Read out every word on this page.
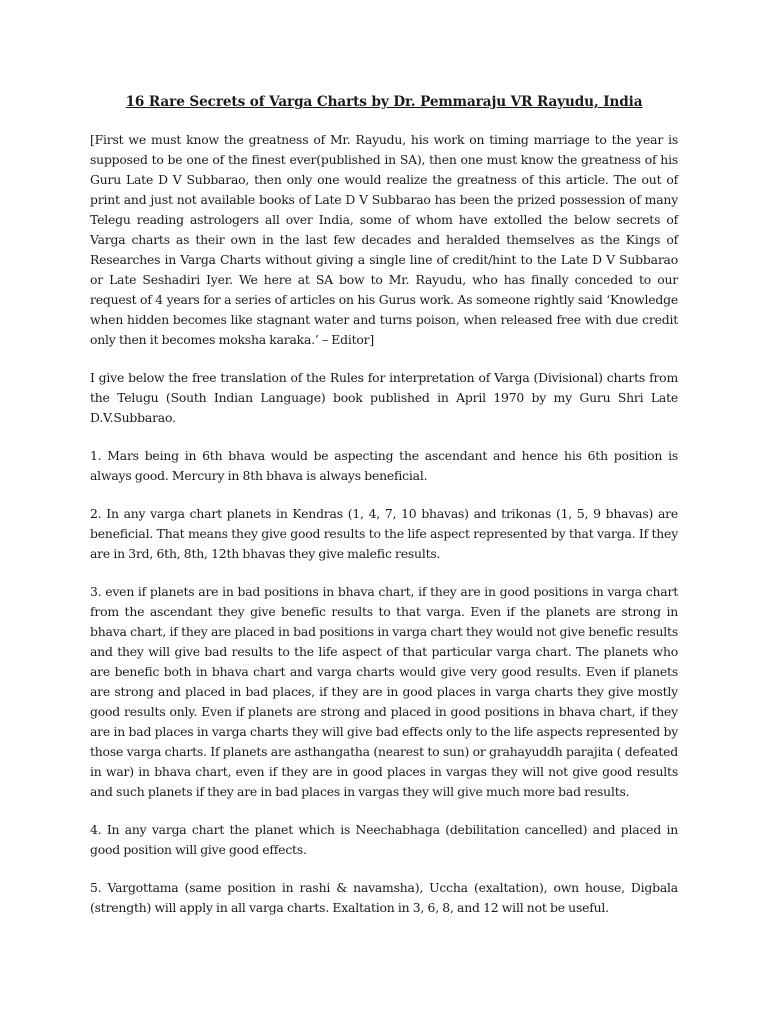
16 Rare Secrets of Varga Charts by Dr. Pemmaraju VR Rayudu, India

[First we must know the greatness of Mr. Rayudu, his work on timing marriage to the year is supposed to be one of the finest ever(published in SA), then one must know the greatness of his Guru Late D V Subbarao, then only one would realize the greatness of this article. The out of print and just not available books of Late D V Subbarao has been the prized possession of many Telegu reading astrologers all over India, some of whom have extolled the below secrets of Varga charts as their own in the last few decades and heralded themselves as the Kings of Researches in Varga Charts without giving a single line of credit/hint to the Late D V Subbarao or Late Seshadiri Iyer. We here at SA bow to Mr. Rayudu, who has finally conceded to our request of 4 years for a series of articles on his Gurus work. As someone rightly said ‘Knowledge when hidden becomes like stagnant water and turns poison, when released free with due credit only then it becomes moksha karaka.’ – Editor]

I give below the free translation of the Rules for interpretation of Varga (Divisional) charts from the Telugu (South Indian Language) book published in April 1970 by my Guru Shri Late D.V.Subbarao.

1. Mars being in 6th bhava would be aspecting the ascendant and hence his 6th position is always good. Mercury in 8th bhava is always beneficial.

2. In any varga chart planets in Kendras (1, 4, 7, 10 bhavas) and trikonas (1, 5, 9 bhavas) are beneficial. That means they give good results to the life aspect represented by that varga. If they are in 3rd, 6th, 8th, 12th bhavas they give malefic results.

3. even if planets are in bad positions in bhava chart, if they are in good positions in varga chart from the ascendant they give benefic results to that varga. Even if the planets are strong in bhava chart, if they are placed in bad positions in varga chart they would not give benefic results and they will give bad results to the life aspect of that particular varga chart. The planets who are benefic both in bhava chart and varga charts would give very good results. Even if planets are strong and placed in bad places, if they are in good places in varga charts they give mostly good results only. Even if planets are strong and placed in good positions in bhava chart, if they are in bad places in varga charts they will give bad effects only to the life aspects represented by those varga charts. If planets are asthangatha (nearest to sun) or grahayuddh parajita ( defeated in war) in bhava chart, even if they are in good places in vargas they will not give good results and such planets if they are in bad places in vargas they will give much more bad results.

4. In any varga chart the planet which is Neechabhaga (debilitation cancelled) and placed in good position will give good effects.

5. Vargottama (same position in rashi & navamsha), Uccha (exaltation), own house, Digbala (strength) will apply in all varga charts. Exaltation in 3, 6, 8, and 12 will not be useful.
